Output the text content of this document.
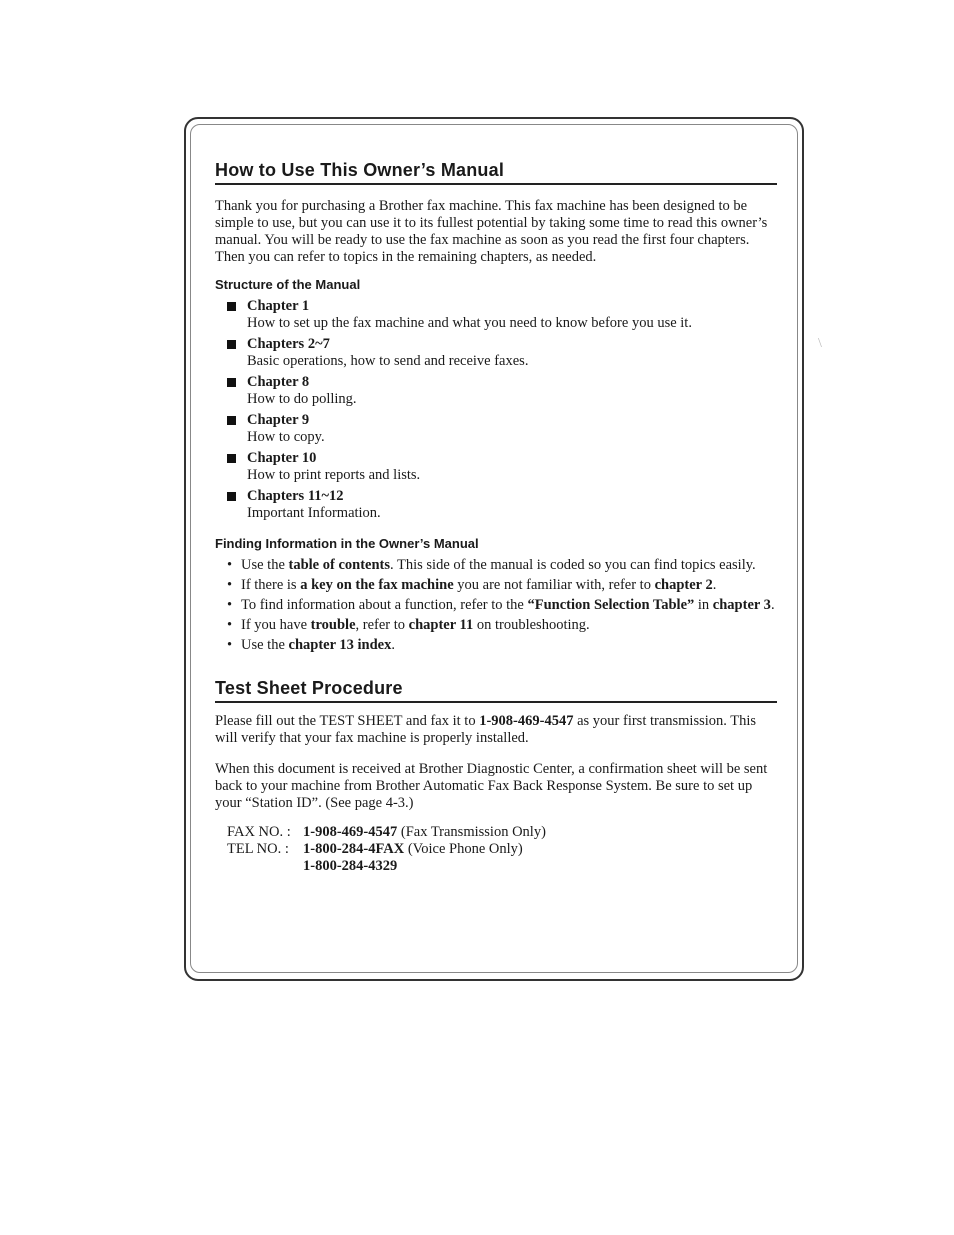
\
How to Use This Owner’s Manual

Thank you for purchasing a Brother fax machine. This fax machine has been designed to be simple to use, but you can use it to its fullest potential by taking some time to read this owner’s manual. You will be ready to use the fax machine as soon as you read the first four chapters. Then you can refer to topics in the remaining chapters, as needed.

Structure of the Manual
Chapter 1
How to set up the fax machine and what you need to know before you use it.
Chapters 2~7
Basic operations, how to send and receive faxes.
Chapter 8
How to do polling.
Chapter 9
How to copy.
Chapter 10
How to print reports and lists.
Chapters 11~12
Important Information.
Finding Information in the Owner’s Manual
• Use the table of contents. This side of the manual is coded so you can find topics easily.
• If there is a key on the fax machine you are not familiar with, refer to chapter 2.
• To find information about a function, refer to the “Function Selection Table” in chapter 3.
• If you have trouble, refer to chapter 11 on troubleshooting.
• Use the chapter 13 index.
Test Sheet Procedure

Please fill out the TEST SHEET and fax it to 1-908-469-4547 as your first transmission. This will verify that your fax machine is properly installed.

When this document is received at Brother Diagnostic Center, a confirmation sheet will be sent back to your machine from Brother Automatic Fax Back Response System. Be sure to set up your “Station ID”. (See page 4-3.)

FAX NO. : 1-908-469-4547 (Fax Transmission Only)
TEL NO. : 1-800-284-4FAX (Voice Phone Only)
1-800-284-4329
